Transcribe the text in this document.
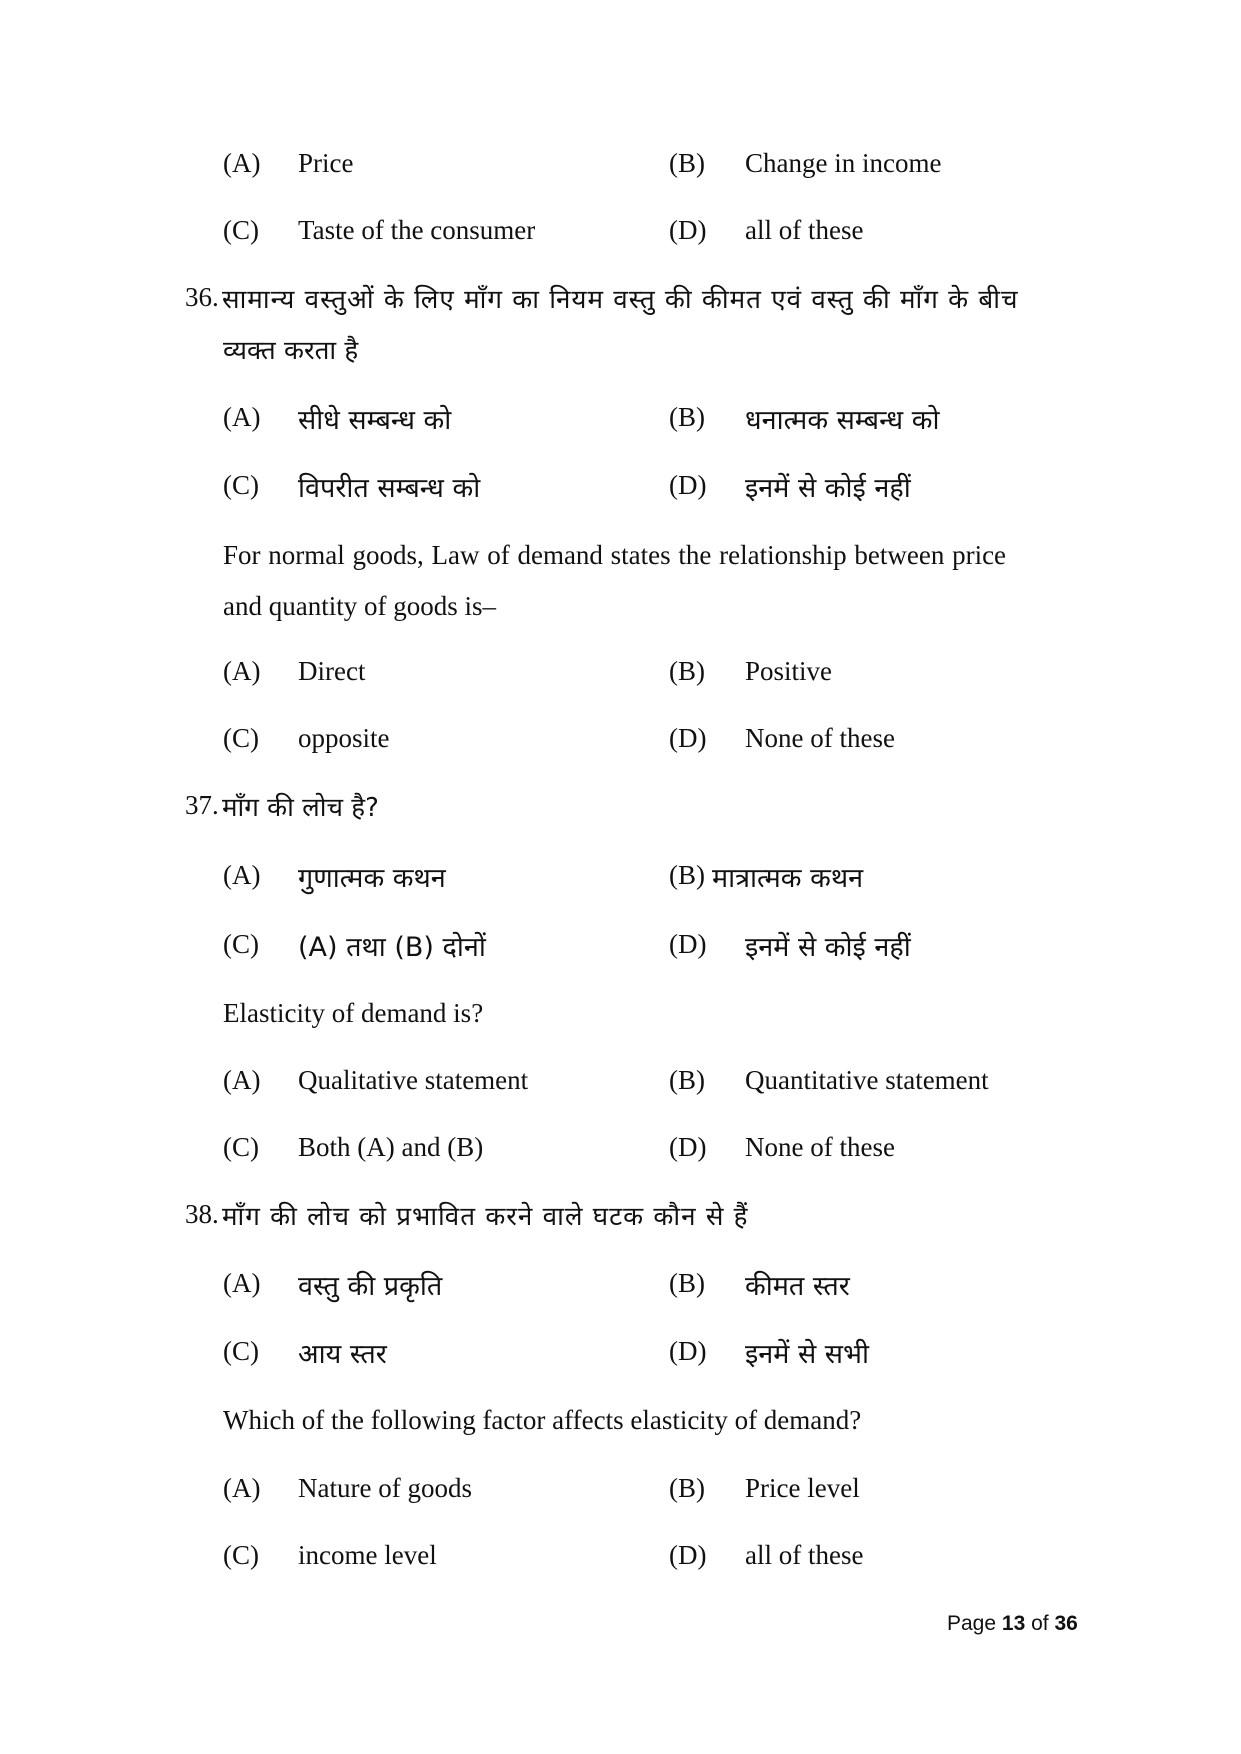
(A) Price	(B) Change in income
(C) Taste of the consumer	(D) all of these
36. सामान्य वस्तुओं के लिए माँग का नियम वस्तु की कीमत एवं वस्तु की माँग के बीच
व्यक्त करता है
(A) सीधे सम्बन्ध को	(B) धनात्मक सम्बन्ध को
(C) विपरीत सम्बन्ध को	(D) इनमें से कोई नहीं
For normal goods, Law of demand states the relationship between price
and quantity of goods is–
(A) Direct	(B) Positive
(C) opposite	(D) None of these
37. माँग की लोच है?
(A) गुणात्मक कथन	(B) मात्रात्मक कथन
(C) (A) तथा (B) दोनों	(D) इनमें से कोई नहीं
Elasticity of demand is?
(A) Qualitative statement	(B) Quantitative statement
(C) Both (A) and (B)	(D) None of these
38. माँग की लोच को प्रभावित करने वाले घटक कौन से हैं
(A) वस्तु की प्रकृति	(B) कीमत स्तर
(C) आय स्तर	(D) इनमें से सभी
Which of the following factor affects elasticity of demand?
(A) Nature of goods	(B) Price level
(C) income level	(D) all of these
Page 13 of 36
